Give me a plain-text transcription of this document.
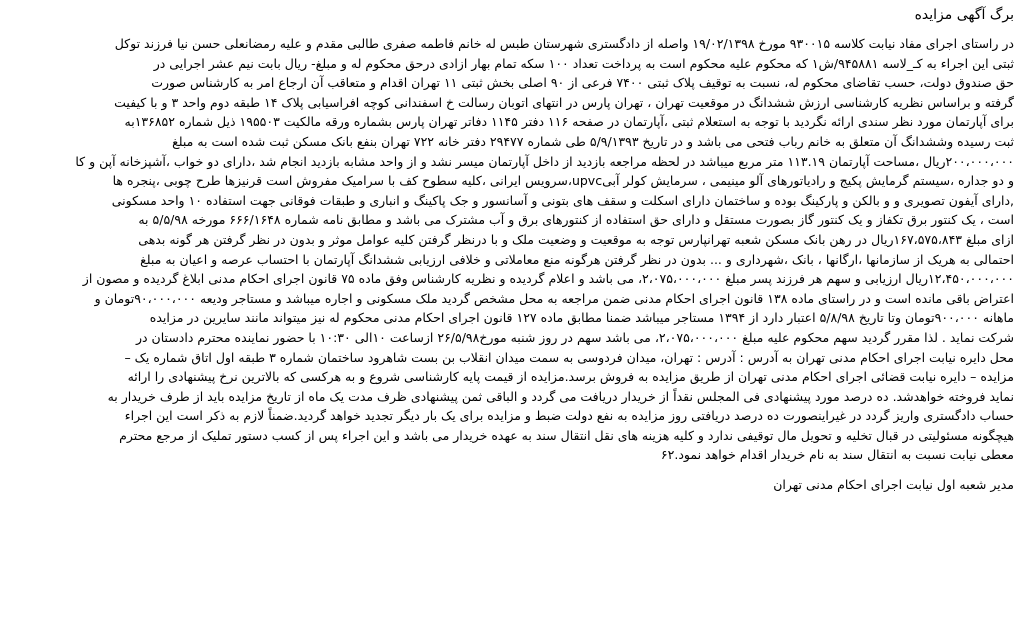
برگ آگهی مزایده
در راستای اجرای مفاد نیابت کلاسه ۹۳۰۰۱۵ مورخ ۱۹/۰۲/۱۳۹۸ واصله از دادگستری شهرستان طبس له خانم فاطمه صفری طالبی مقدم و علیه رمضانعلی حسن نیا فرزند توکل
ثبتی این اجراء به کـ_لاسه ۹۴۵۸۸۱/ش۱ که محکوم علیه محکوم است به پرداخت تعداد ۱۰۰ سکه تمام بهار ازادی درحق محکوم له و مبلغ- ریال بابت نیم عشر اجرایی در
حق صندوق دولت، حسب تقاضای محکوم له، نسبت به توقیف پلاک ثبتی ۷۴۰۰ فرعی از ۹۰ اصلی بخش ثبتی ۱۱ تهران اقدام و متعاقب آن ارجاع امر به کارشناس صورت
گرفته و براساس نظریه کارشناسی ارزش ششدانگ در موقعیت تهران ، تهران پارس در انتهای اتوبان رسالت خ اسفندانی کوچه افراسیابی پلاک ۱۴ طبقه دوم واحد ۳ و با کیفیت
برای آپارتمان مورد نظر سندی ارائه نگردید با توجه به استعلام ثبتی ،آپارتمان در صفحه ۱۱۶ دفتر ۱۱۴۵ دفاتر تهران پارس بشماره ورقه مالکیت ۱۹۵۵۰۳ ذیل شماره ۱۳۶۸۵۲به
ثبت رسیده وششدانگ آن متعلق به خانم رباب فتحی می باشد و در تاریخ ۵/۹/۱۳۹۳ طی شماره ۲۹۴۷۷ دفتر خانه ۷۲۲ تهران بنفع بانک مسکن ثبت شده است به مبلغ
۲۰۰،۰۰۰،۰۰۰ریال ،مساحت آپارتمان ۱۱۳.۱۹ متر مربع میباشد در لحظه مراجعه بازدید از داخل آپارتمان میسر نشد و از واحد مشابه بازدید انجام شد ،دارای دو خواب ،آشپزخانه آپن و کا
و دو جداره ،سیستم گرمایش پکیج و رادیاتورهای آلو مینیمی ، سرمایش کولر آبیupvc،سرویس ایرانی ،کلیه سطوح کف با سرامیک مفروش است قرنیزها طرح چوبی ،پنجره ها
,دارای آیفون تصویری و و بالکن و پارکینگ بوده و ساختمان دارای اسکلت و سقف های بتونی و آسانسور و جک پاکینگ و انباری و طبقات فوقانی جهت استفاده ۱۰ واحد مسکونی
است ، یک کنتور برق تکفاز و یک کنتور گاز بصورت مستقل و دارای حق استفاده از کنتورهای برق و آب مشترک می باشد و مطابق نامه شماره ۶۶۶/۱۶۴۸ مورخه ۵/۵/۹۸ به
ازای مبلغ ۱۶۷،۵۷۵،۸۴۳ریال در رهن بانک مسکن شعبه تهرانپارس توجه به موقعیت و وضعیت ملک و با درنظر گرفتن کلیه عوامل موثر و بدون در نظر گرفتن هر گونه بدهی
احتمالی به هریک از سازمانها ،ارگانها ، بانک ،شهرداری و ... بدون در نظر گرفتن هرگونه منع معاملاتی و خلافی ارزیابی ششدانگ آپارتمان با احتساب عرصه و اعیان به مبلغ
۱۲،۴۵۰،۰۰۰،۰۰۰ریال ارزیابی و سهم هر فرزند پسر مبلغ ۲،۰۷۵،۰۰۰،۰۰۰، می باشد و اعلام گردیده و نظریه کارشناس وفق ماده ۷۵ قانون اجرای احکام مدنی ابلاغ گردیده و مصون از
اعتراض باقی مانده است و در راستای ماده ۱۳۸ قانون اجرای احکام مدنی ضمن مراجعه به محل مشخص گردید ملک مسکونی و اجاره میباشد و مستاجر ودیعه ۹۰،۰۰۰،۰۰۰تومان و
ماهانه ۹۰۰،۰۰۰تومان وتا تاریخ ۵/۸/۹۸ اعتبار دارد از ۱۳۹۴ مستاجر میباشد ضمنا مطابق ماده ۱۲۷ قانون اجرای احکام مدنی محکوم له نیز میتواند مانند سایرین در مزایده
شرکت نماید . لذا مقرر گردید سهم محکوم علیه مبلغ ۲،۰۷۵،۰۰۰،۰۰۰، می باشد سهم در روز شنبه مورخ۲۶/۵/۹۸ ازساعت ۱۰الی ۱۰:۳۰ با حضور نماینده محترم دادستان در
محل دایره نیابت اجرای احکام مدنی تهران به آدرس : آدرس : تهران، میدان فردوسی به سمت میدان انقلاب بن بست شاهرود ساختمان شماره ۳ طبقه اول اتاق شماره یک –
مزایده – دایره نیابت قضائی اجرای احکام مدنی تهران از طریق مزایده به فروش برسد.مزایده از قیمت پایه کارشناسی شروع و به هرکسی که بالاترین نرخ پیشنهادی را ارائه
نماید فروخته خواهدشد. ده درصد مورد پیشنهادی فی المجلس نقداً از خریدار دریافت می گردد و الباقی ثمن پیشنهادی ظرف مدت یک ماه از تاریخ مزایده باید از طرف خریدار به
حساب دادگستری واریز گردد در غیراینصورت ده درصد دریافتی روز مزایده به نفع دولت ضبط و مزایده برای یک بار دیگر تجدید خواهد گردید.ضمناً لازم به ذکر است این اجراء
هیچگونه مسئولیتی در قبال تخلیه و تحویل مال توقیفی ندارد و کلیه هزینه های نقل انتقال سند به عهده خریدار می باشد و این اجراء پس از کسب دستور تملیک از مرجع محترم
معطی نیابت نسبت به انتقال سند به نام خریدار اقدام خواهد نمود.۶۲
مدیر شعبه اول نیابت اجرای احکام مدنی تهران
